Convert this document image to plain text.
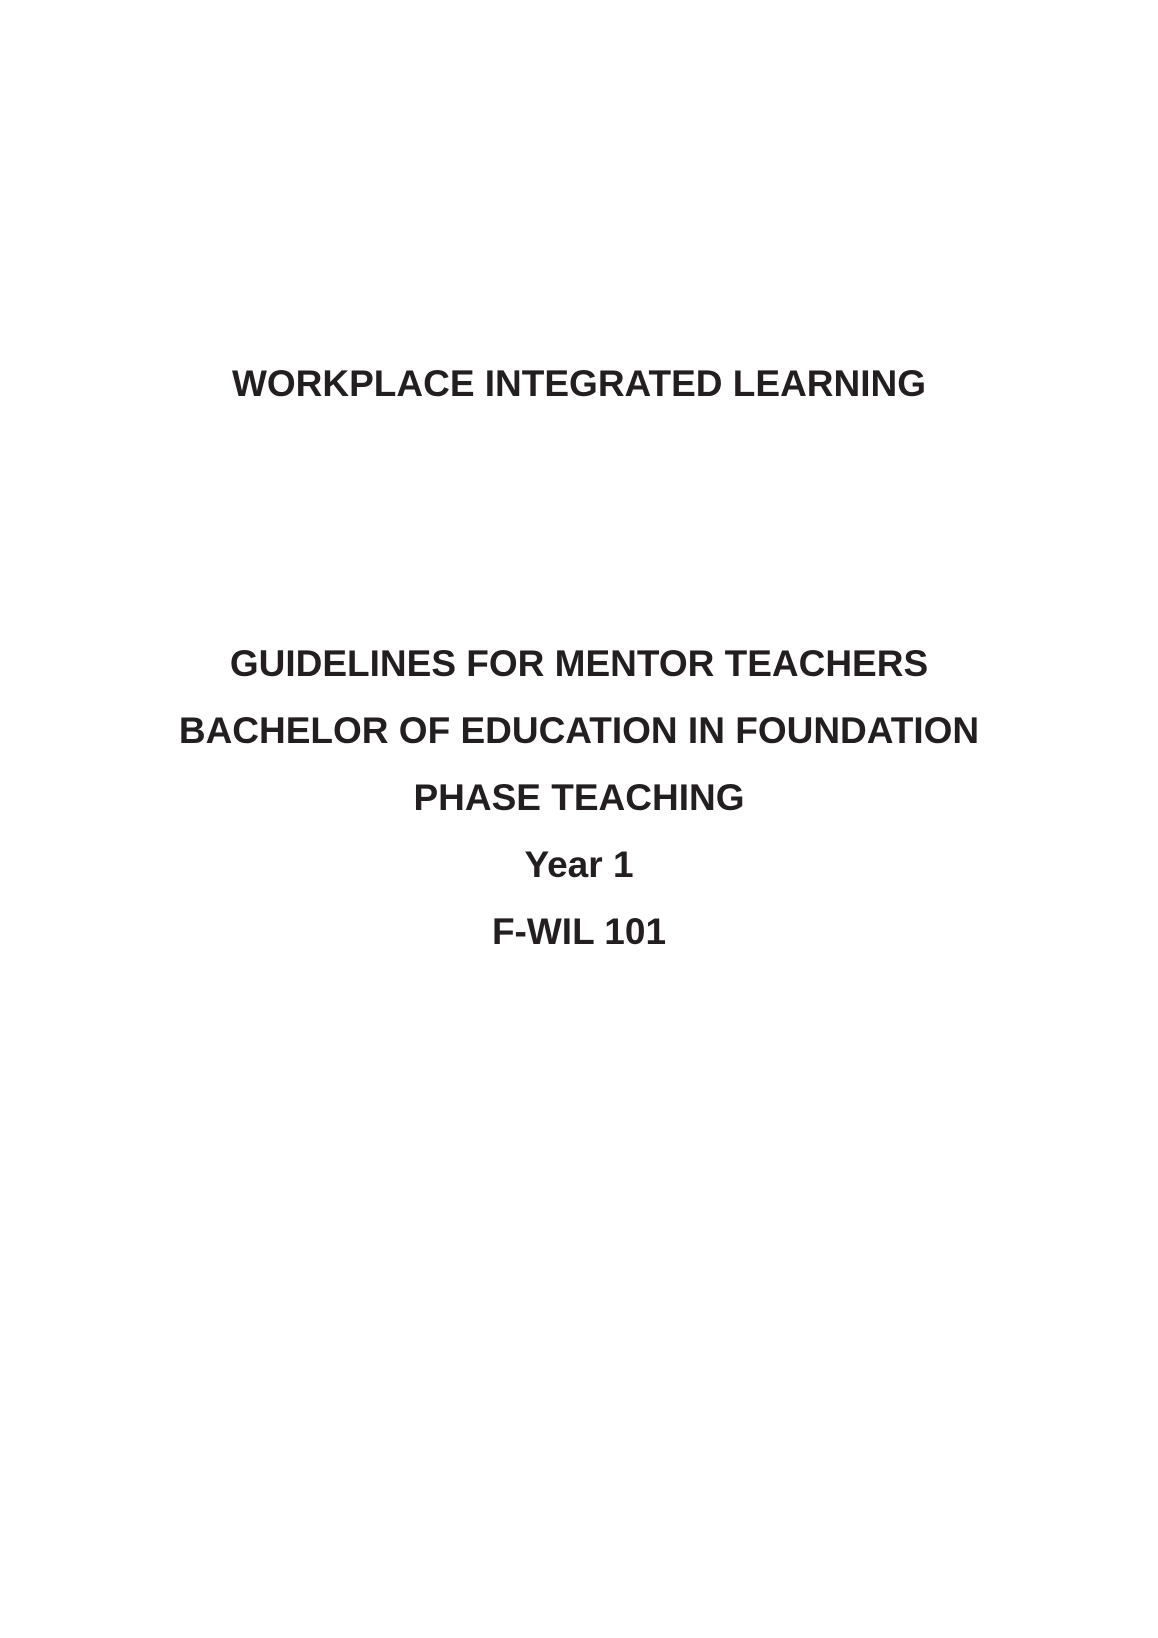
WORKPLACE INTEGRATED LEARNING

GUIDELINES FOR MENTOR TEACHERS

BACHELOR OF EDUCATION IN FOUNDATION

PHASE TEACHING

Year 1

F-WIL 101
